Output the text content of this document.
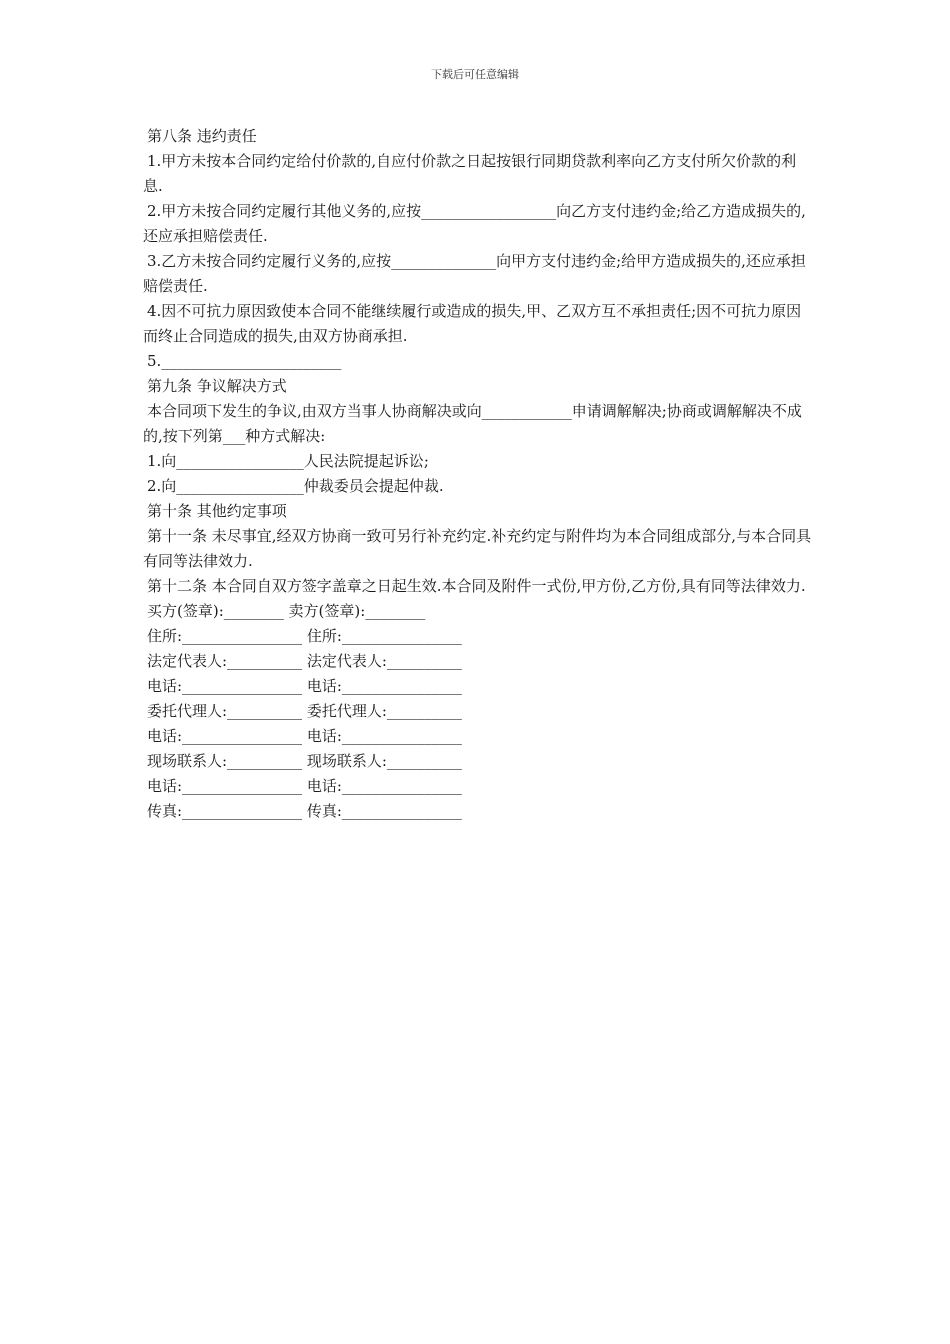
下载后可任意编辑

第八条 违约责任

1.甲方未按本合同约定给付价款的,自应付价款之日起按银行同期贷款利率向乙方支付所欠价款的利息.

2.甲方未按合同约定履行其他义务的,应按__________________向乙方支付违约金;给乙方造成损失的,还应承担赔偿责任.

3.乙方未按合同约定履行义务的,应按______________向甲方支付违约金;给甲方造成损失的,还应承担赔偿责任.

4.因不可抗力原因致使本合同不能继续履行或造成的损失,甲、乙双方互不承担责任;因不可抗力原因而终止合同造成的损失,由双方协商承担.

5.________________________

第九条 争议解决方式

本合同项下发生的争议,由双方当事人协商解决或向____________申请调解解决;协商或调解解决不成的,按下列第___种方式解决:

1.向_________________人民法院提起诉讼;

2.向_________________仲裁委员会提起仲裁.

第十条 其他约定事项

第十一条 未尽事宜,经双方协商一致可另行补充约定.补充约定与附件均为本合同组成部分,与本合同具有同等法律效力.

第十二条 本合同自双方签字盖章之日起生效.本合同及附件一式份,甲方份,乙方份,具有同等法律效力.

买方(签章):________ 卖方(签章):________

住所:________________ 住所:________________

法定代表人:__________ 法定代表人:__________

电话:________________ 电话:________________

委托代理人:__________ 委托代理人:__________

电话:________________ 电话:________________

现场联系人:__________ 现场联系人:__________

电话:________________ 电话:________________

传真:________________ 传真:________________
